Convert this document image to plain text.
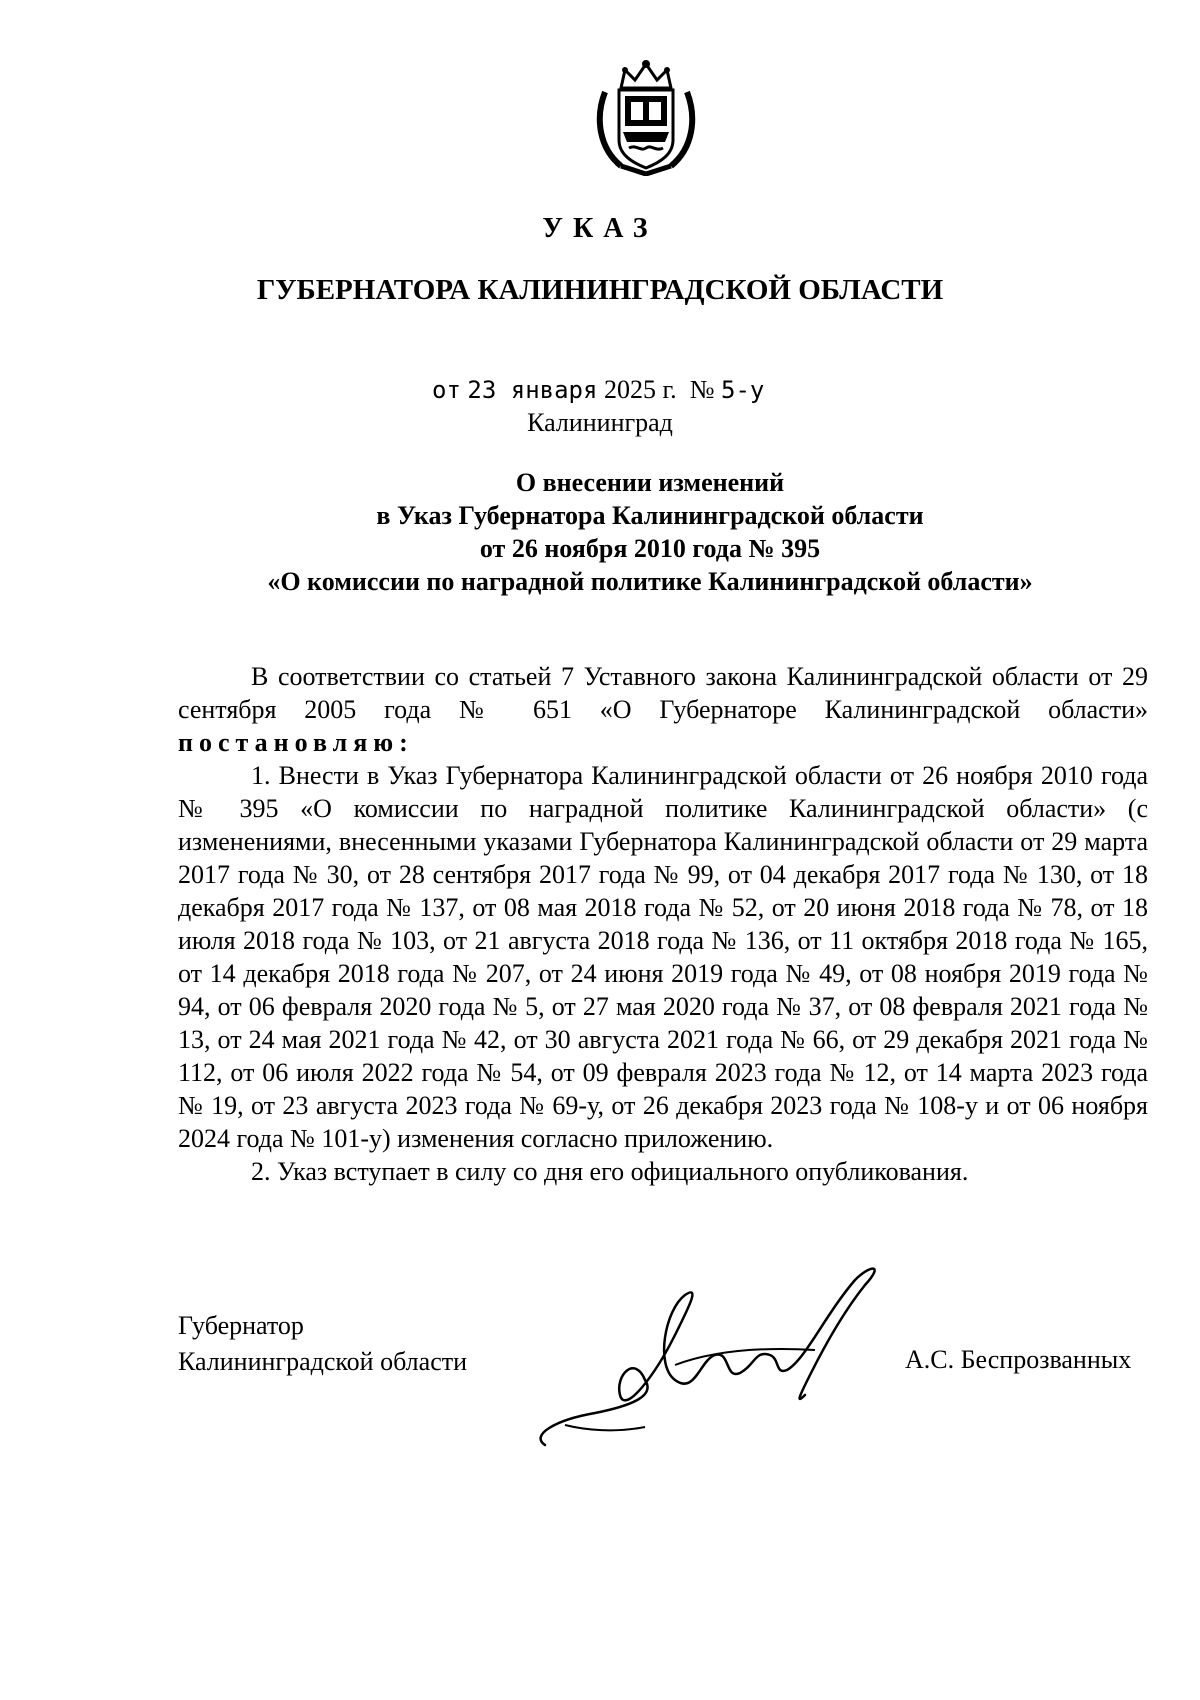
УКАЗ
ГУБЕРНАТОРА КАЛИНИНГРАДСКОЙ ОБЛАСТИ
от 23 января 2025 г. № 5-у
Калининград
О внесении изменений
в Указ Губернатора Калининградской области
от 26 ноября 2010 года № 395
«О комиссии по наградной политике Калининградской области»

В соответствии со статьей 7 Уставного закона Калининградской области от 29 сентября 2005 года № 651 «О Губернаторе Калининградской области» постановляю:

1. Внести в Указ Губернатора Калининградской области от 26 ноября 2010 года № 395 «О комиссии по наградной политике Калининградской области» (с изменениями, внесенными указами Губернатора Калининградской области от 29 марта 2017 года № 30, от 28 сентября 2017 года № 99, от 04 декабря 2017 года № 130, от 18 декабря 2017 года № 137, от 08 мая 2018 года № 52, от 20 июня 2018 года № 78, от 18 июля 2018 года № 103, от 21 августа 2018 года № 136, от 11 октября 2018 года № 165, от 14 декабря 2018 года № 207, от 24 июня 2019 года № 49, от 08 ноября 2019 года № 94, от 06 февраля 2020 года № 5, от 27 мая 2020 года № 37, от 08 февраля 2021 года № 13, от 24 мая 2021 года № 42, от 30 августа 2021 года № 66, от 29 декабря 2021 года № 112, от 06 июля 2022 года № 54, от 09 февраля 2023 года № 12, от 14 марта 2023 года № 19, от 23 августа 2023 года № 69-у, от 26 декабря 2023 года № 108-у и от 06 ноября 2024 года № 101-у) изменения согласно приложению.

2. Указ вступает в силу со дня его официального опубликования.

Губернатор
Калининградской области	А.С. Беспрозванных
